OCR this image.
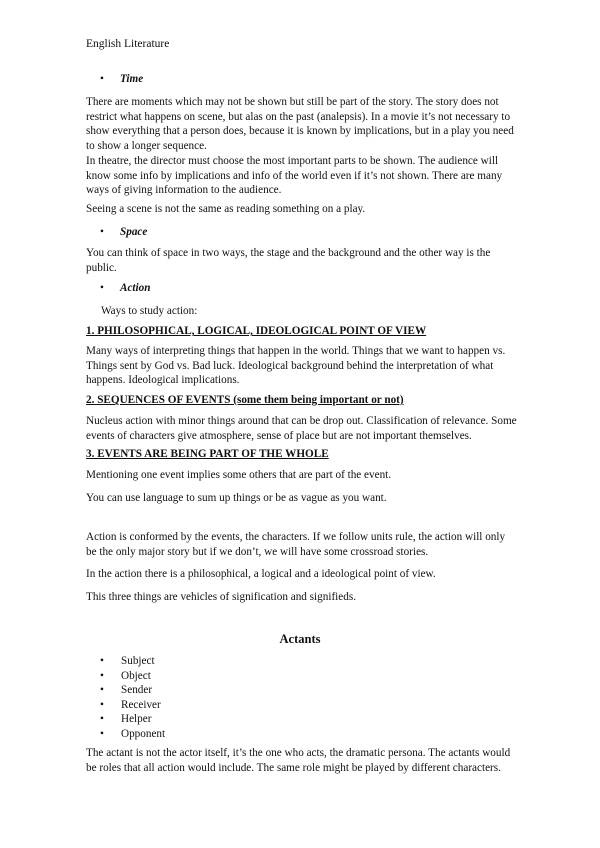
English Literature
• Time

There are moments which may not be shown but still be part of the story. The story does not

restrict what happens on scene, but alas on the past (analepsis). In a movie it’s not necessary to

show everything that a person does, because it is known by implications, but in a play you need

to show a longer sequence.

In theatre, the director must choose the most important parts to be shown. The audience will

know some info by implications and info of the world even if it’s not shown. There are many

ways of giving information to the audience.

Seeing a scene is not the same as reading something on a play.

• Space

You can think of space in two ways, the stage and the background and the other way is the

public.

• Action
Ways to study action:
1. PHILOSOPHICAL, LOGICAL, IDEOLOGICAL POINT OF VIEW

Many ways of interpreting things that happen in the world. Things that we want to happen vs.

Things sent by God vs. Bad luck. Ideological background behind the interpretation of what

happens. Ideological implications.

2. SEQUENCES OF EVENTS (some them being important or not)

Nucleus action with minor things around that can be drop out. Classification of relevance. Some

events of characters give atmosphere, sense of place but are not important themselves.

3. EVENTS ARE BEING PART OF THE WHOLE

Mentioning one event implies some others that are part of the event.

You can use language to sum up things or be as vague as you want.

Action is conformed by the events, the characters. If we follow units rule, the action will only

be the only major story but if we don’t, we will have some crossroad stories.

In the action there is a philosophical, a logical and a ideological point of view.

This three things are vehicles of signification and signifieds.

Actants
• Subject
• Object
• Sender
• Receiver
• Helper
• Opponent

The actant is not the actor itself, it’s the one who acts, the dramatic persona. The actants would

be roles that all action would include. The same role might be played by different characters.
